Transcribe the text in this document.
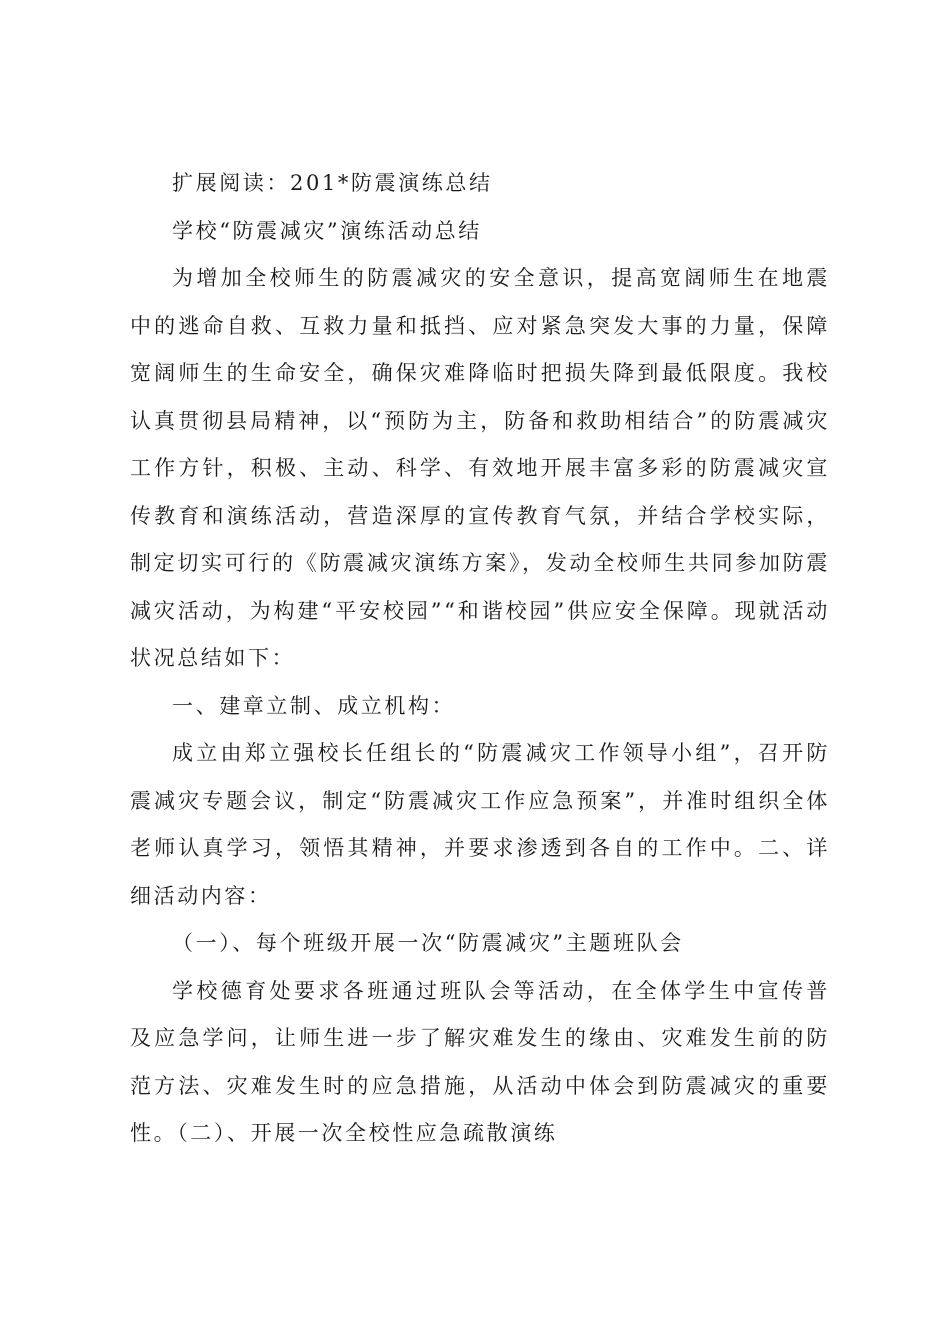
扩展阅读：201*防震演练总结

学校“防震减灾”演练活动总结

为增加全校师生的防震减灾的安全意识，提高宽阔师生在地震中的逃命自救、互救力量和抵挡、应对紧急突发大事的力量，保障宽阔师生的生命安全，确保灾难降临时把损失降到最低限度。我校认真贯彻县局精神，以“预防为主，防备和救助相结合”的防震减灾工作方针，积极、主动、科学、有效地开展丰富多彩的防震减灾宣传教育和演练活动，营造深厚的宣传教育气氛，并结合学校实际，制定切实可行的《防震减灾演练方案》，发动全校师生共同参加防震减灾活动，为构建“平安校园”“和谐校园”供应安全保障。现就活动状况总结如下：

一、建章立制、成立机构：

成立由郑立强校长任组长的“防震减灾工作领导小组”，召开防震减灾专题会议，制定“防震减灾工作应急预案”，并准时组织全体老师认真学习，领悟其精神，并要求渗透到各自的工作中。二、详细活动内容：

（一）、每个班级开展一次“防震减灾”主题班队会

学校德育处要求各班通过班队会等活动，在全体学生中宣传普及应急学问，让师生进一步了解灾难发生的缘由、灾难发生前的防范方法、灾难发生时的应急措施，从活动中体会到防震减灾的重要性。（二）、开展一次全校性应急疏散演练
